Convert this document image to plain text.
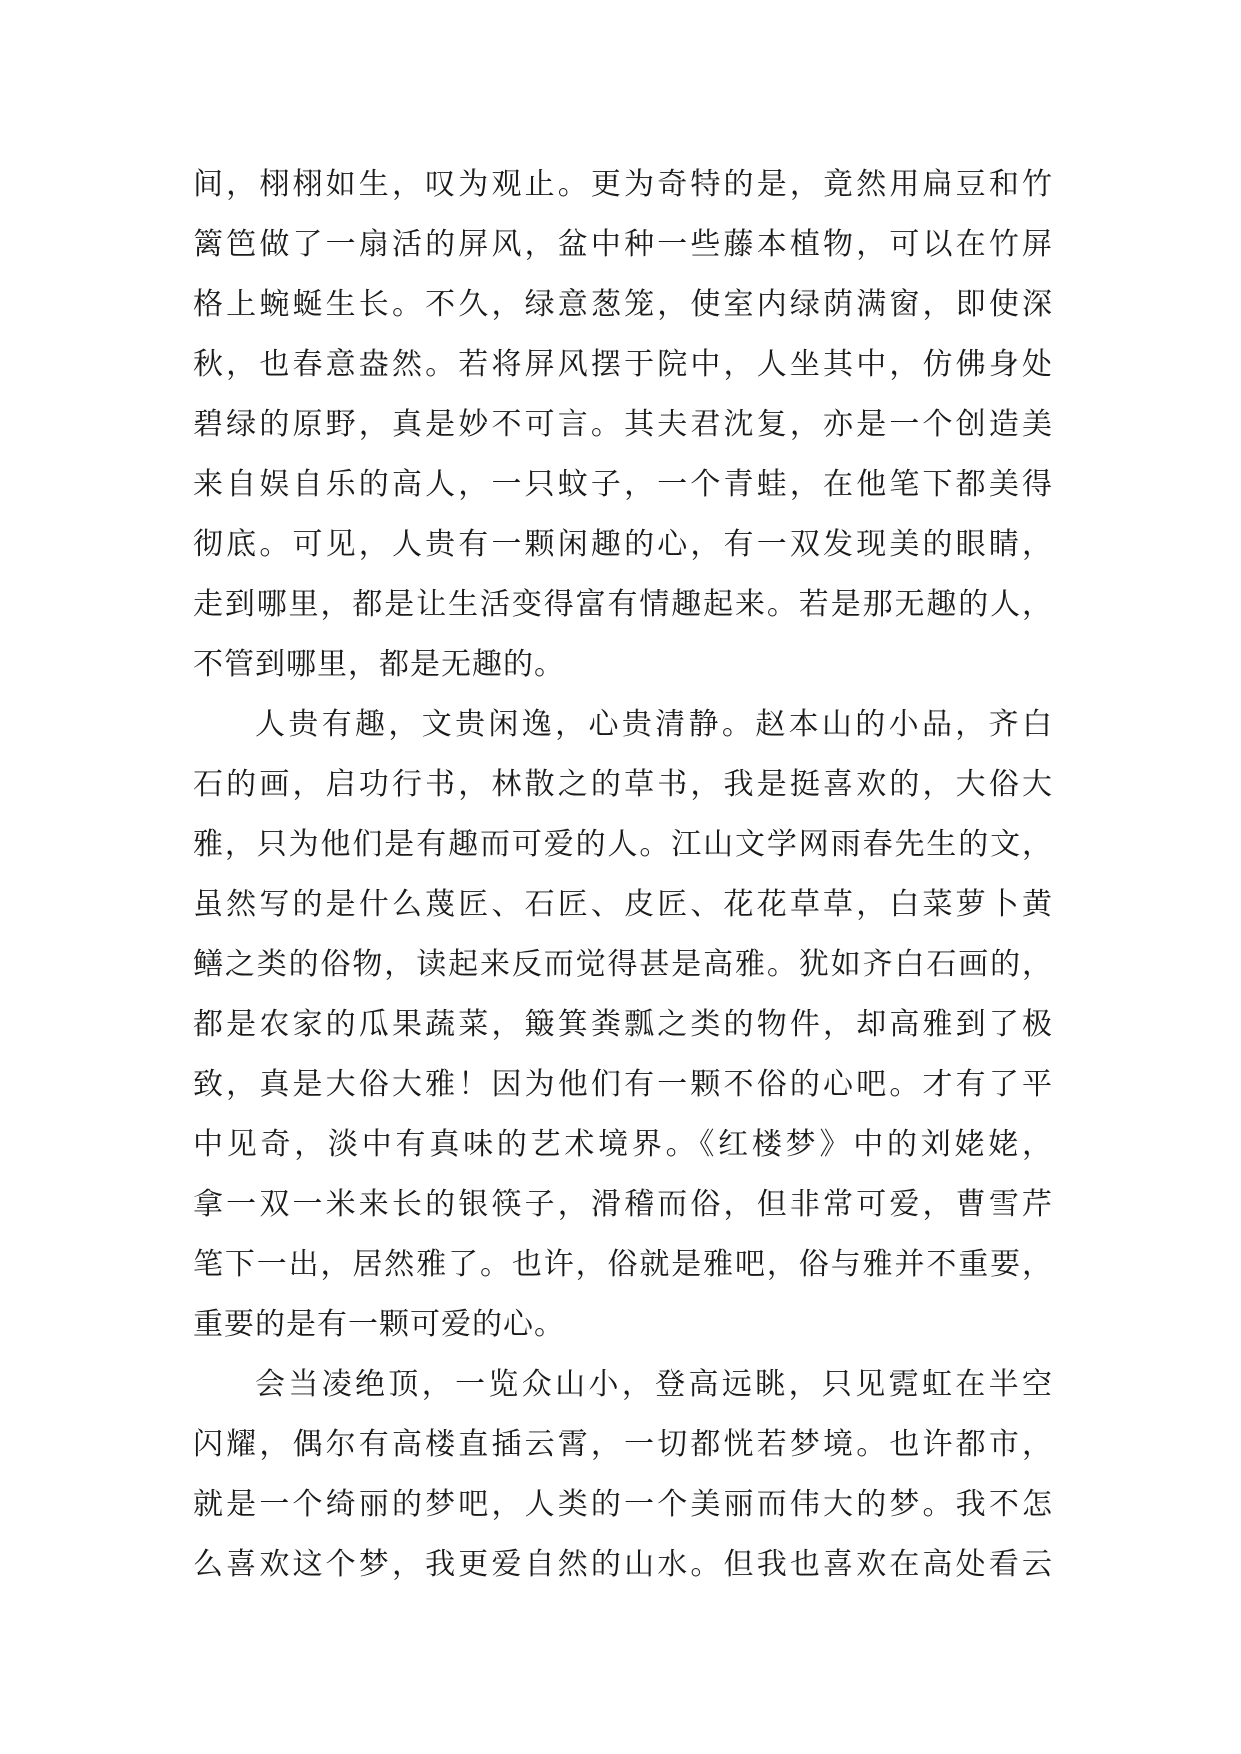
间，栩栩如生，叹为观止。更为奇特的是，竟然用扁豆和竹
篱笆做了一扇活的屏风，盆中种一些藤本植物，可以在竹屏
格上蜿蜒生长。不久，绿意葱笼，使室内绿荫满窗，即使深
秋，也春意盎然。若将屏风摆于院中，人坐其中，仿佛身处
碧绿的原野，真是妙不可言。其夫君沈复，亦是一个创造美
来自娱自乐的高人，一只蚊子，一个青蛙，在他笔下都美得
彻底。可见，人贵有一颗闲趣的心，有一双发现美的眼睛，
走到哪里，都是让生活变得富有情趣起来。若是那无趣的人，
不管到哪里，都是无趣的。
人贵有趣，文贵闲逸，心贵清静。赵本山的小品，齐白
石的画，启功行书，林散之的草书，我是挺喜欢的，大俗大
雅，只为他们是有趣而可爱的人。江山文学网雨春先生的文，
虽然写的是什么蔑匠、石匠、皮匠、花花草草，白菜萝卜黄
鳝之类的俗物，读起来反而觉得甚是高雅。犹如齐白石画的，
都是农家的瓜果蔬菜，簸箕粪瓢之类的物件，却高雅到了极
致，真是大俗大雅！因为他们有一颗不俗的心吧。才有了平
中见奇，淡中有真味的艺术境界。《红楼梦》中的刘姥姥，
拿一双一米来长的银筷子，滑稽而俗，但非常可爱，曹雪芹
笔下一出，居然雅了。也许，俗就是雅吧，俗与雅并不重要，
重要的是有一颗可爱的心。
会当凌绝顶，一览众山小，登高远眺，只见霓虹在半空
闪耀，偶尔有高楼直插云霄，一切都恍若梦境。也许都市，
就是一个绮丽的梦吧，人类的一个美丽而伟大的梦。我不怎
么喜欢这个梦，我更爱自然的山水。但我也喜欢在高处看云
